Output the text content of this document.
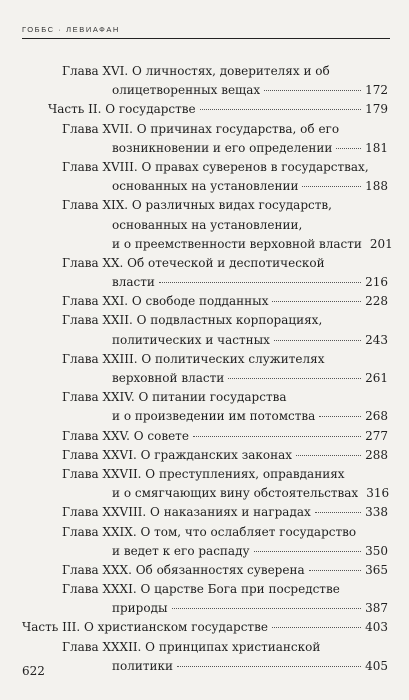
ГОББС · ЛЕВИАФАН
Глава XVI. О личностях, доверителях и об
олицетворенных вещах	172
Часть II. О государстве	179
Глава XVII. О причинах государства, об его
возникновении и его определении	181
Глава XVIII. О правах суверенов в государствах,
основанных на установлении	188
Глава XIX. О различных видах государств,
основанных на установлении,
и о преемственности верховной власти 201
Глава XX. Об отеческой и деспотической
власти	216
Глава XXI. О свободе подданных	228
Глава XXII. О подвластных корпорациях,
политических и частных	243
Глава XXIII. О политических служителях
верховной власти	261
Глава XXIV. О питании государства
и о произведении им потомства	268
Глава XXV. О совете	277
Глава XXVI. О гражданских законах	288
Глава XXVII. О преступлениях, оправданиях
и о смягчающих вину обстоятельствах 316
Глава XXVIII. О наказаниях и наградах	338
Глава XXIX. О том, что ослабляет государство
и ведет к его распаду	350
Глава XXX. Об обязанностях суверена	365
Глава XXXI. О царстве Бога при посредстве
природы	387
Часть III. О христианском государстве	403
Глава XXXII. О принципах христианской
политики	405
622
